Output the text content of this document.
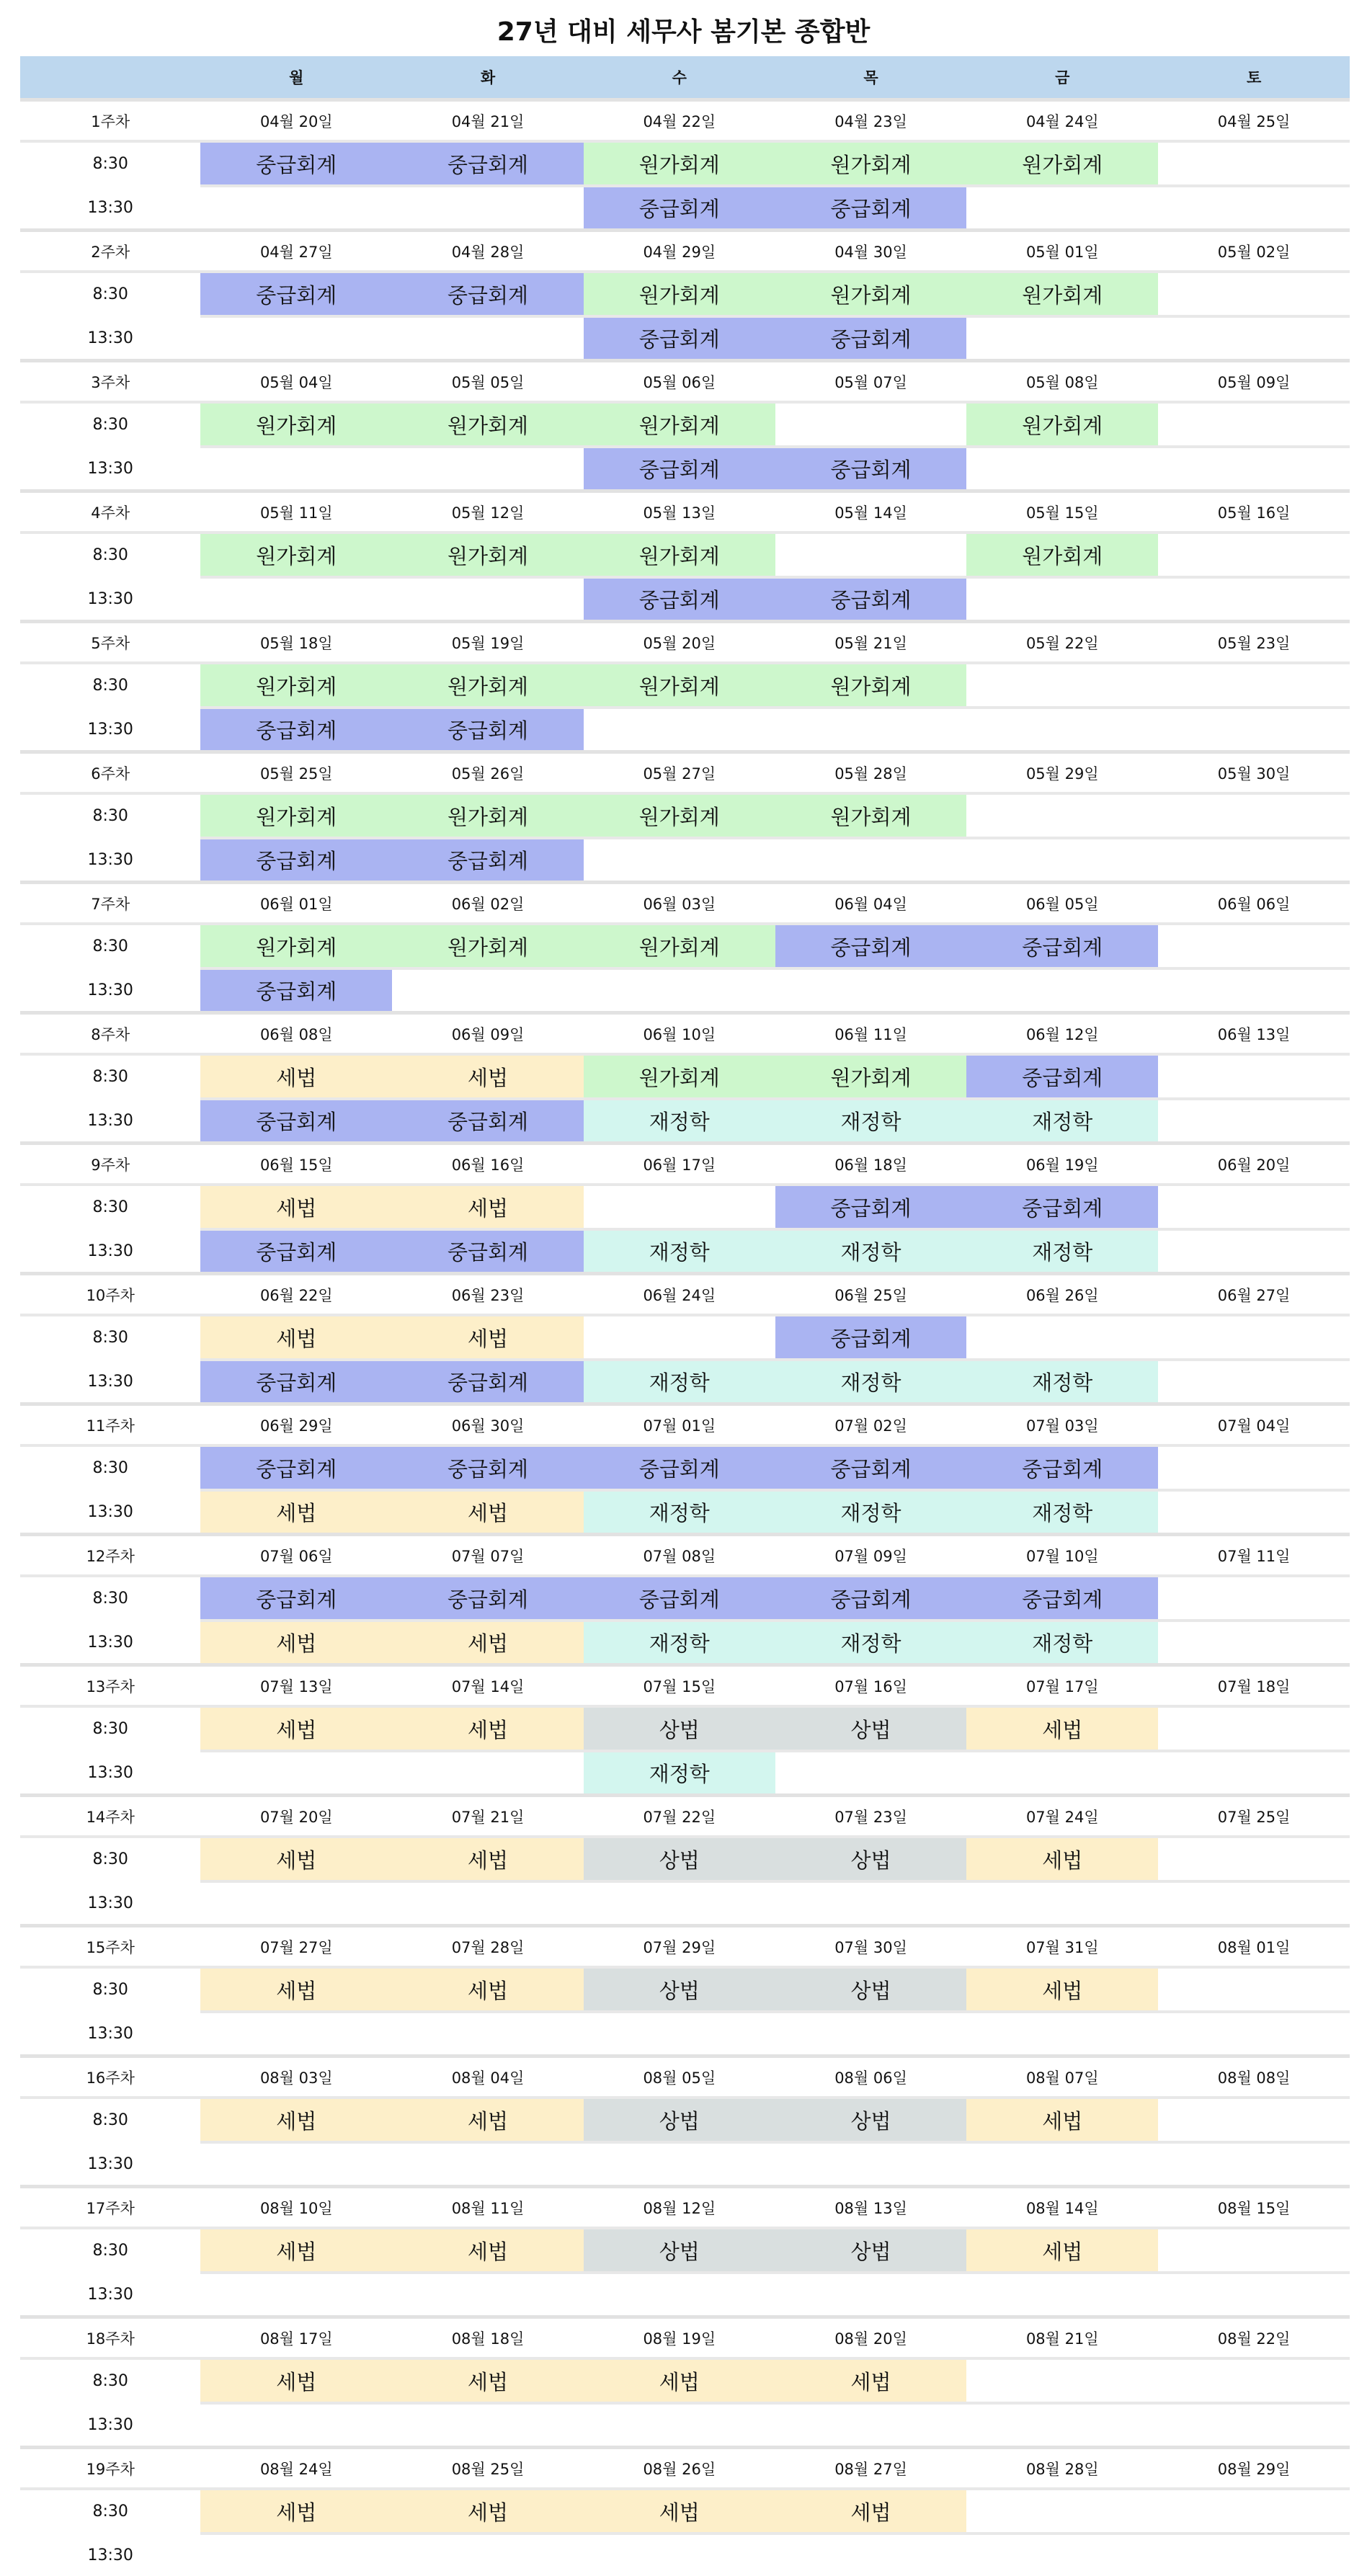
27년 대비 세무사 봄기본 종합반
	월	화	수	목	금	토
1주차	04월 20일	04월 21일	04월 22일	04월 23일	04월 24일	04월 25일
8:30	중급회계	중급회계	원가회계	원가회계	원가회계	
13:30			중급회계	중급회계		
2주차	04월 27일	04월 28일	04월 29일	04월 30일	05월 01일	05월 02일
8:30	중급회계	중급회계	원가회계	원가회계	원가회계	
13:30			중급회계	중급회계		
3주차	05월 04일	05월 05일	05월 06일	05월 07일	05월 08일	05월 09일
8:30	원가회계	원가회계	원가회계		원가회계	
13:30			중급회계	중급회계		
4주차	05월 11일	05월 12일	05월 13일	05월 14일	05월 15일	05월 16일
8:30	원가회계	원가회계	원가회계		원가회계	
13:30			중급회계	중급회계		
5주차	05월 18일	05월 19일	05월 20일	05월 21일	05월 22일	05월 23일
8:30	원가회계	원가회계	원가회계	원가회계		
13:30	중급회계	중급회계				
6주차	05월 25일	05월 26일	05월 27일	05월 28일	05월 29일	05월 30일
8:30	원가회계	원가회계	원가회계	원가회계		
13:30	중급회계	중급회계				
7주차	06월 01일	06월 02일	06월 03일	06월 04일	06월 05일	06월 06일
8:30	원가회계	원가회계	원가회계	중급회계	중급회계	
13:30	중급회계					
8주차	06월 08일	06월 09일	06월 10일	06월 11일	06월 12일	06월 13일
8:30	세법	세법	원가회계	원가회계	중급회계	
13:30	중급회계	중급회계	재정학	재정학	재정학	
9주차	06월 15일	06월 16일	06월 17일	06월 18일	06월 19일	06월 20일
8:30	세법	세법		중급회계	중급회계	
13:30	중급회계	중급회계	재정학	재정학	재정학	
10주차	06월 22일	06월 23일	06월 24일	06월 25일	06월 26일	06월 27일
8:30	세법	세법		중급회계		
13:30	중급회계	중급회계	재정학	재정학	재정학	
11주차	06월 29일	06월 30일	07월 01일	07월 02일	07월 03일	07월 04일
8:30	중급회계	중급회계	중급회계	중급회계	중급회계	
13:30	세법	세법	재정학	재정학	재정학	
12주차	07월 06일	07월 07일	07월 08일	07월 09일	07월 10일	07월 11일
8:30	중급회계	중급회계	중급회계	중급회계	중급회계	
13:30	세법	세법	재정학	재정학	재정학	
13주차	07월 13일	07월 14일	07월 15일	07월 16일	07월 17일	07월 18일
8:30	세법	세법	상법	상법	세법	
13:30			재정학			
14주차	07월 20일	07월 21일	07월 22일	07월 23일	07월 24일	07월 25일
8:30	세법	세법	상법	상법	세법	
13:30						
15주차	07월 27일	07월 28일	07월 29일	07월 30일	07월 31일	08월 01일
8:30	세법	세법	상법	상법	세법	
13:30						
16주차	08월 03일	08월 04일	08월 05일	08월 06일	08월 07일	08월 08일
8:30	세법	세법	상법	상법	세법	
13:30						
17주차	08월 10일	08월 11일	08월 12일	08월 13일	08월 14일	08월 15일
8:30	세법	세법	상법	상법	세법	
13:30						
18주차	08월 17일	08월 18일	08월 19일	08월 20일	08월 21일	08월 22일
8:30	세법	세법	세법	세법		
13:30						
19주차	08월 24일	08월 25일	08월 26일	08월 27일	08월 28일	08월 29일
8:30	세법	세법	세법	세법		
13:30						
